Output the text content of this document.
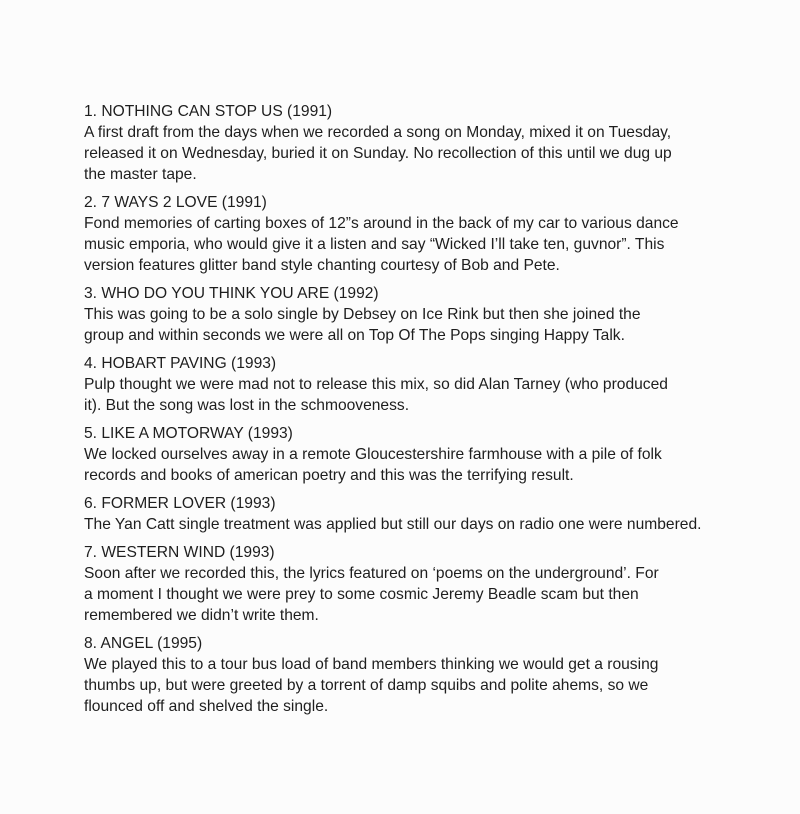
1. NOTHING CAN STOP US (1991)
A first draft from the days when we recorded a song on Monday, mixed it on Tuesday,
released it on Wednesday, buried it on Sunday. No recollection of this until we dug up
the master tape.
2. 7 WAYS 2 LOVE (1991)
Fond memories of carting boxes of 12”s around in the back of my car to various dance
music emporia, who would give it a listen and say “Wicked I’ll take ten, guvnor”. This
version features glitter band style chanting courtesy of Bob and Pete.
3. WHO DO YOU THINK YOU ARE (1992)
This was going to be a solo single by Debsey on Ice Rink but then she joined the
group and within seconds we were all on Top Of The Pops singing Happy Talk.
4. HOBART PAVING (1993)
Pulp thought we were mad not to release this mix, so did Alan Tarney (who produced
it). But the song was lost in the schmooveness.
5. LIKE A MOTORWAY (1993)
We locked ourselves away in a remote Gloucestershire farmhouse with a pile of folk
records and books of american poetry and this was the terrifying result.
6. FORMER LOVER (1993)
The Yan Catt single treatment was applied but still our days on radio one were numbered.
7. WESTERN WIND (1993)
Soon after we recorded this, the lyrics featured on ‘poems on the underground’. For
a moment I thought we were prey to some cosmic Jeremy Beadle scam but then
remembered we didn’t write them.
8. ANGEL (1995)
We played this to a tour bus load of band members thinking we would get a rousing
thumbs up, but were greeted by a torrent of damp squibs and polite ahems, so we
flounced off and shelved the single.
